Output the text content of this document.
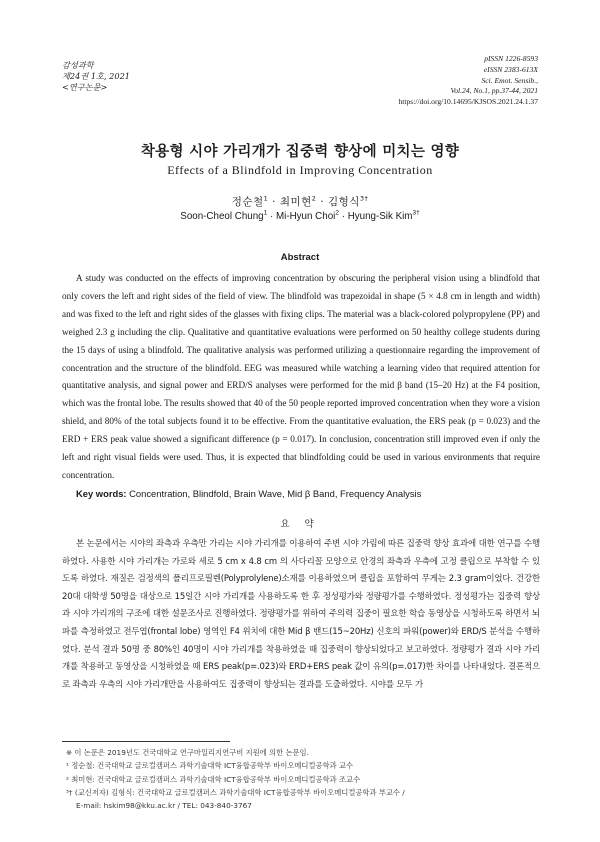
감성과학
제24권 1호, 2021
<연구논문>
pISSN 1226-8593
eISSN 2383-613X
Sci. Emot. Sensib.,
Vol.24, No.1, pp.37-44, 2021
https://doi.org/10.14695/KJSOS.2021.24.1.37
착용형 시야 가리개가 집중력 향상에 미치는 영향
Effects of a Blindfold in Improving Concentration
정순철$^1$ · 최미현$^2$ · 김형식$^{3\dagger}$
Soon-Cheol Chung$^1$ · Mi-Hyun Choi$^2$ · Hyung-Sik Kim$^{3\dagger}$
Abstract
A study was conducted on the effects of improving concentration by obscuring the peripheral vision using a blindfold that only covers the left and right sides of the field of view. The blindfold was trapezoidal in shape (5 × 4.8 cm in length and width) and was fixed to the left and right sides of the glasses with fixing clips. The material was a black-colored polypropylene (PP) and weighed 2.3 g including the clip. Qualitative and quantitative evaluations were performed on 50 healthy college students during the 15 days of using a blindfold. The qualitative analysis was performed utilizing a questionnaire regarding the improvement of concentration and the structure of the blindfold. EEG was measured while watching a learning video that required attention for quantitative analysis, and signal power and ERD/S analyses were performed for the mid β band (15–20 Hz) at the F4 position, which was the frontal lobe. The results showed that 40 of the 50 people reported improved concentration when they wore a vision shield, and 80% of the total subjects found it to be effective. From the quantitative evaluation, the ERS peak (p = 0.023) and the ERD + ERS peak value showed a significant difference (p = 0.017). In conclusion, concentration still improved even if only the left and right visual fields were used. Thus, it is expected that blindfolding could be used in various environments that require concentration.
Key words: Concentration, Blindfold, Brain Wave, Mid β Band, Frequency Analysis
요 약
본 논문에서는 시야의 좌측과 우측만 가리는 시야 가리개를 이용하여 주변 시야 가림에 따른 집중력 향상 효과에 대한 연구를 수행하였다. 사용한 시야 가리개는 가로와 세로 5 cm x 4.8 cm 의 사다리꼴 모양으로 안경의 좌측과 우측에 고정 클립으로 부착할 수 있도록 하였다. 재질은 검정색의 폴리프로필렌(Polyprolylene)소재를 이용하였으며 클립을 포함하여 무게는 2.3 gram이었다. 건강한 20대 대학생 50명을 대상으로 15일간 시야 가리개를 사용하도록 한 후 정성평가와 정량평가를 수행하였다. 정성평가는 집중력 향상과 시야 가리개의 구조에 대한 설문조사로 진행하였다. 정량평가를 위하여 주의력 집중이 필요한 학습 동영상을 시청하도록 하면서 뇌파를 측정하였고 전두엽(frontal lobe) 영역인 F4 위치에 대한 Mid β 밴드(15~20Hz) 신호의 파워(power)와 ERD/S 분석을 수행하였다. 분석 결과 50명 중 80%인 40명이 시야 가리개를 착용하였을 때 집중력이 향상되었다고 보고하였다. 정량평가 결과 시야 가리개를 착용하고 동영상을 시청하였을 때 ERS peak(p=.023)와 ERD+ERS peak 값이 유의(p=.017)한 차이를 나타내었다. 결론적으로 좌측과 우측의 시야 가리개만을 사용하여도 집중력이 향상되는 결과를 도출하였다. 시야를 모두 가
※ 이 논문은 2019년도 건국대학교 연구마일리지연구비 지원에 의한 논문임.
¹ 정순철: 건국대학교 글로컬캠퍼스 과학기술대학 ICT융합공학부 바이오메디컬공학과 교수
² 최미현: 건국대학교 글로컬캠퍼스 과학기술대학 ICT융합공학부 바이오메디컬공학과 조교수
³† (교신저자) 김형식: 건국대학교 글로컬캠퍼스 과학기술대학 ICT융합공학부 바이오메디컬공학과 부교수 /
E-mail: hskim98@kku.ac.kr / TEL: 043-840-3767
